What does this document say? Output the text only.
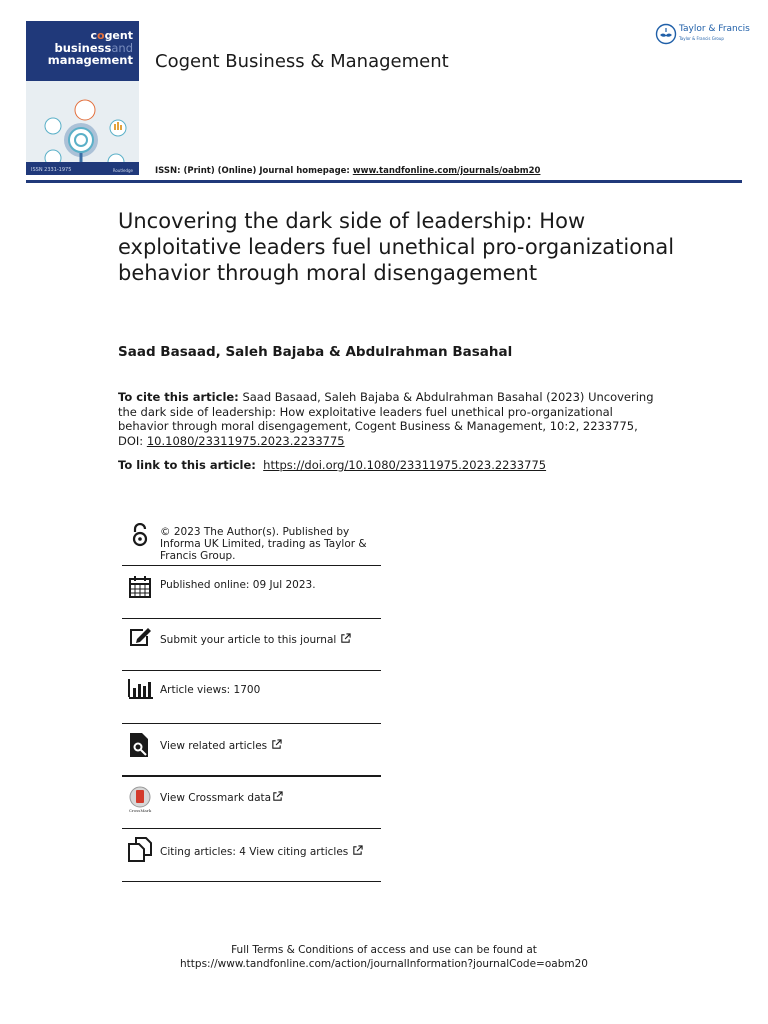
cogent
businessand
management
ISSN 2331-1975	Routledge
Cogent Business & Management
ISSN: (Print) (Online) Journal homepage: www.tandfonline.com/journals/oabm20
Taylor & Francis
Taylor & Francis Group
Uncovering the dark side of leadership: How exploitative leaders fuel unethical pro-organizational behavior through moral disengagement
Saad Basaad, Saleh Bajaba & Abdulrahman Basahal
To cite this article: Saad Basaad, Saleh Bajaba & Abdulrahman Basahal (2023) Uncovering the dark side of leadership: How exploitative leaders fuel unethical pro-organizational behavior through moral disengagement, Cogent Business & Management, 10:2, 2233775, DOI: 10.1080/23311975.2023.2233775
To link to this article: https://doi.org/10.1080/23311975.2023.2233775
© 2023 The Author(s). Published by Informa UK Limited, trading as Taylor & Francis Group.
Published online: 09 Jul 2023.
Submit your article to this journal
Article views: 1700
View related articles
CrossMark
View Crossmark data
Citing articles: 4 View citing articles
Full Terms & Conditions of access and use can be found at
https://www.tandfonline.com/action/journalInformation?journalCode=oabm20
